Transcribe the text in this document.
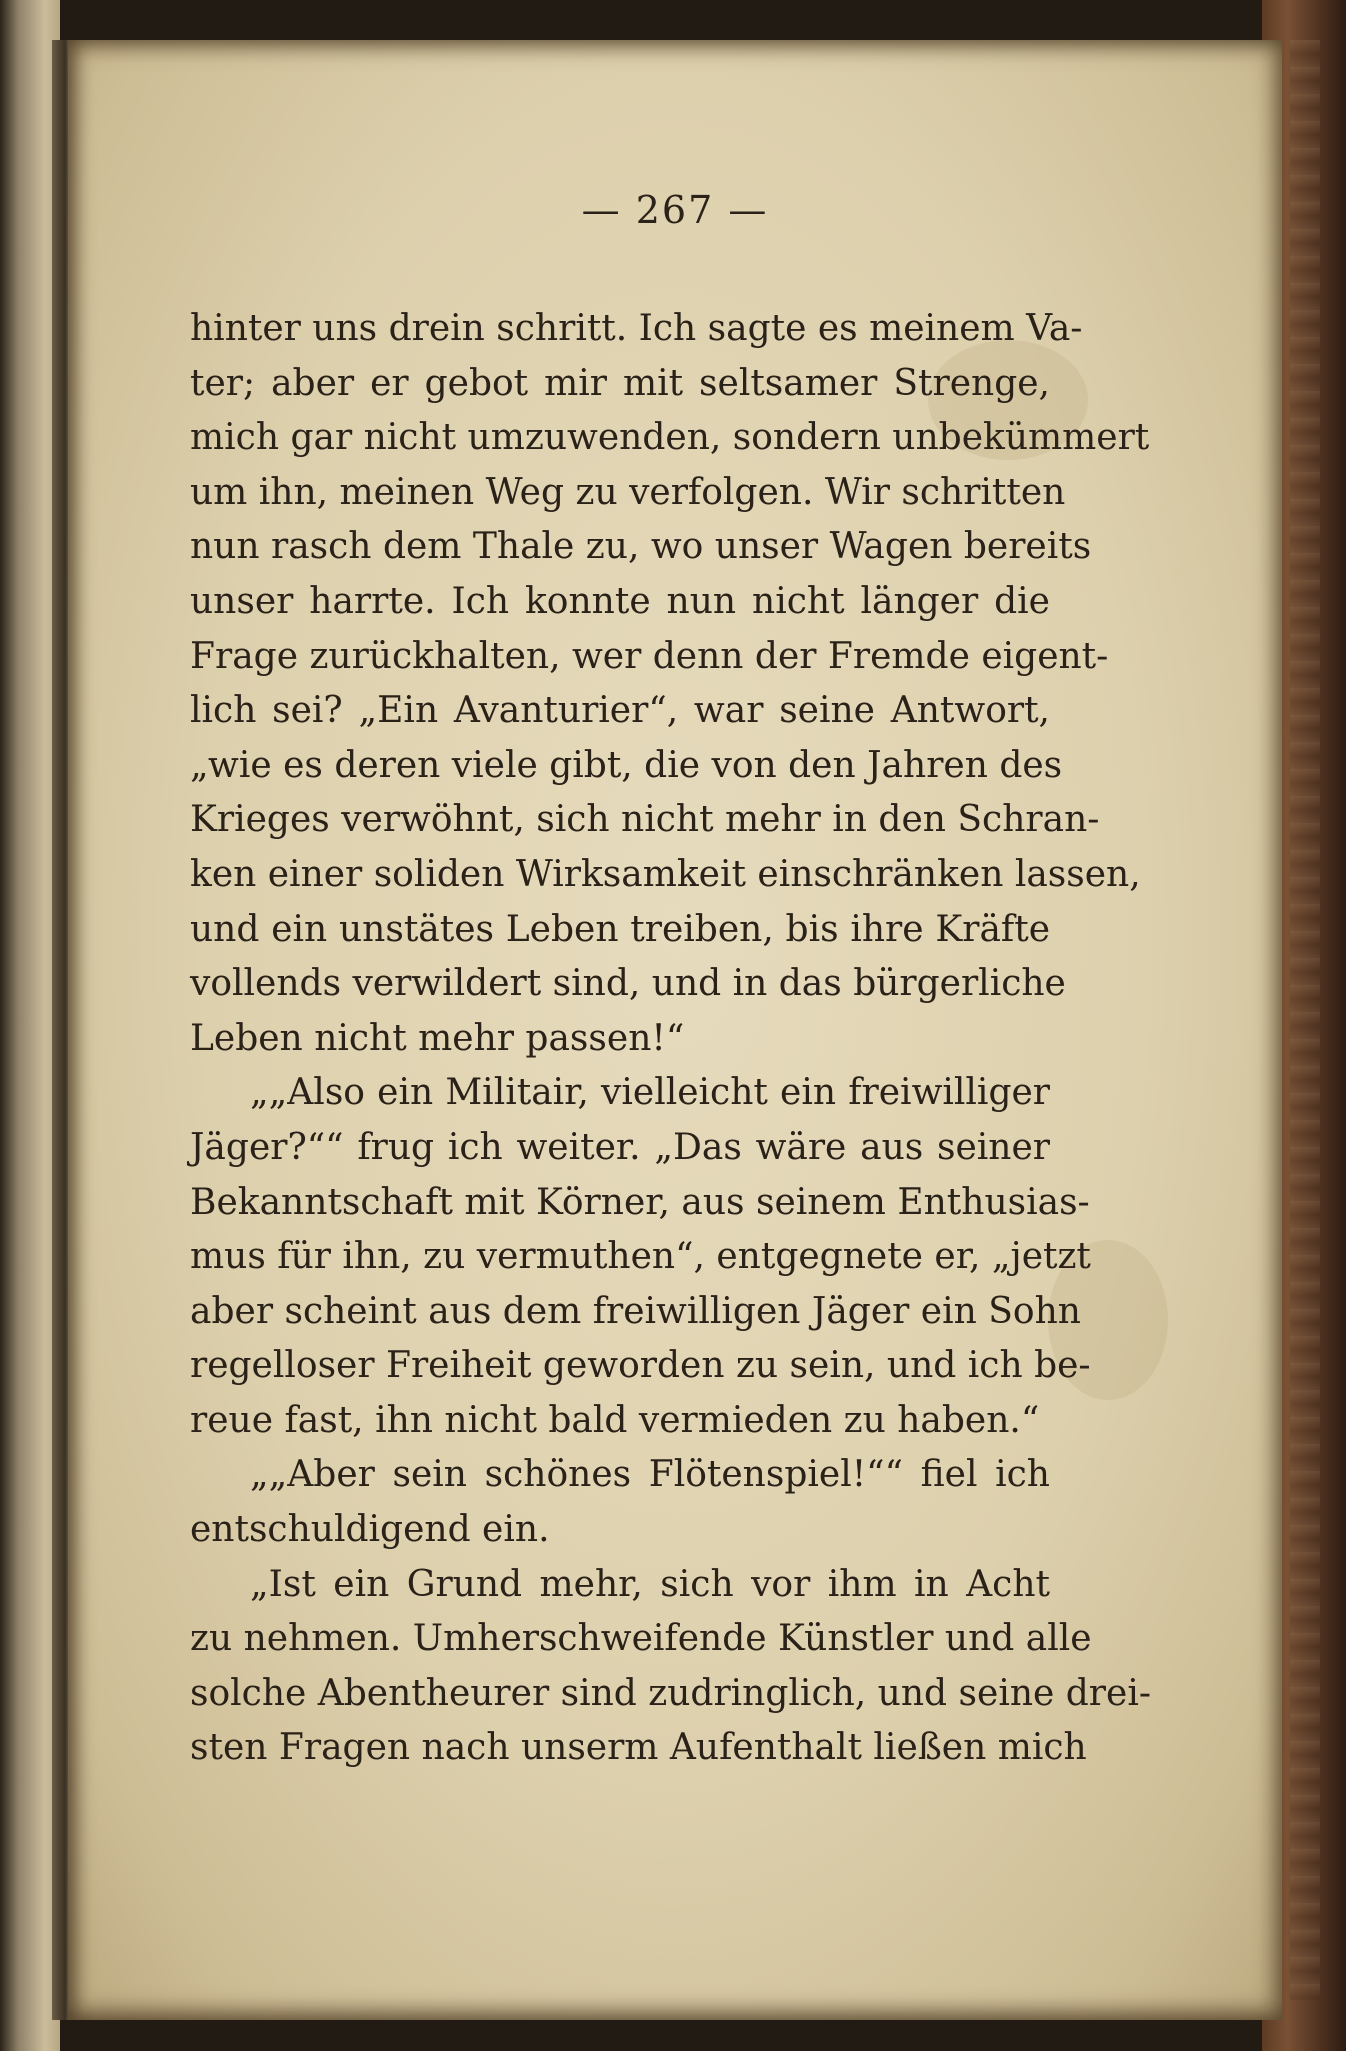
— 267 —
hinter uns drein schritt. Ich sagte es meinem Va-
ter; aber er gebot mir mit seltsamer Strenge,
mich gar nicht umzuwenden, sondern unbekümmert
um ihn, meinen Weg zu verfolgen. Wir schritten
nun rasch dem Thale zu, wo unser Wagen bereits
unser harrte. Ich konnte nun nicht länger die
Frage zurückhalten, wer denn der Fremde eigent-
lich sei? „Ein Avanturier“, war seine Antwort,
„wie es deren viele gibt, die von den Jahren des
Krieges verwöhnt, sich nicht mehr in den Schran-
ken einer soliden Wirksamkeit einschränken lassen,
und ein unstätes Leben treiben, bis ihre Kräfte
vollends verwildert sind, und in das bürgerliche
Leben nicht mehr passen!“
„„Also ein Militair, vielleicht ein freiwilliger
Jäger?““ frug ich weiter. „Das wäre aus seiner
Bekanntschaft mit Körner, aus seinem Enthusias-
mus für ihn, zu vermuthen“, entgegnete er, „jetzt
aber scheint aus dem freiwilligen Jäger ein Sohn
regelloser Freiheit geworden zu sein, und ich be-
reue fast, ihn nicht bald vermieden zu haben.“
„„Aber sein schönes Flötenspiel!““ fiel ich
entschuldigend ein.
„Ist ein Grund mehr, sich vor ihm in Acht
zu nehmen. Umherschweifende Künstler und alle
solche Abentheurer sind zudringlich, und seine drei-
sten Fragen nach unserm Aufenthalt ließen mich
